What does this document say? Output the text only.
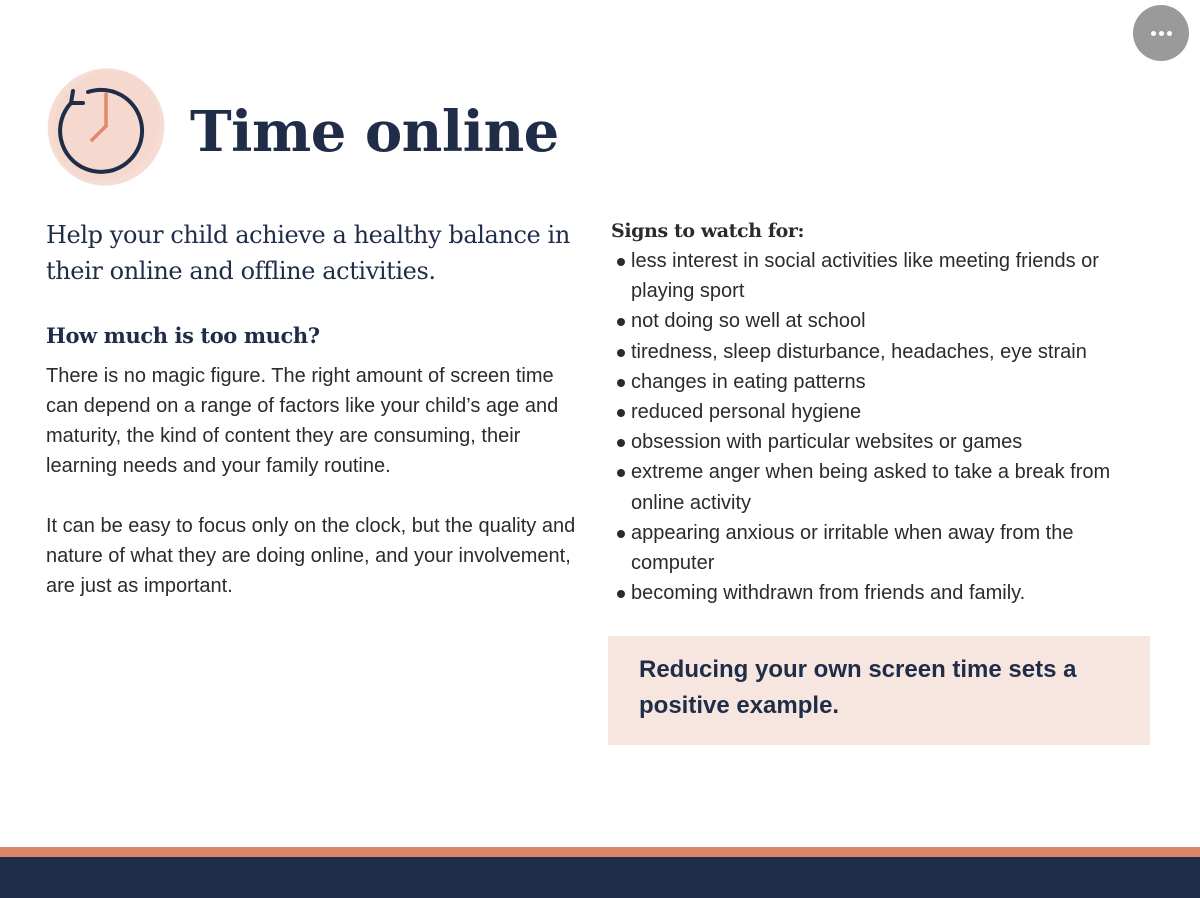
Time online

Help your child achieve a healthy balance in their online and offline activities.

How much is too much?

There is no magic figure. The right amount of screen time can depend on a range of factors like your child’s age and maturity, the kind of content they are consuming, their learning needs and your family routine.

It can be easy to focus only on the clock, but the quality and nature of what they are doing online, and your involvement, are just as important.

Signs to watch for:
less interest in social activities like meeting friends or playing sport
not doing so well at school
tiredness, sleep disturbance, headaches, eye strain
changes in eating patterns
reduced personal hygiene
obsession with particular websites or games
extreme anger when being asked to take a break from online activity
appearing anxious or irritable when away from the computer
becoming withdrawn from friends and family.

Reducing your own screen time sets a positive example.
